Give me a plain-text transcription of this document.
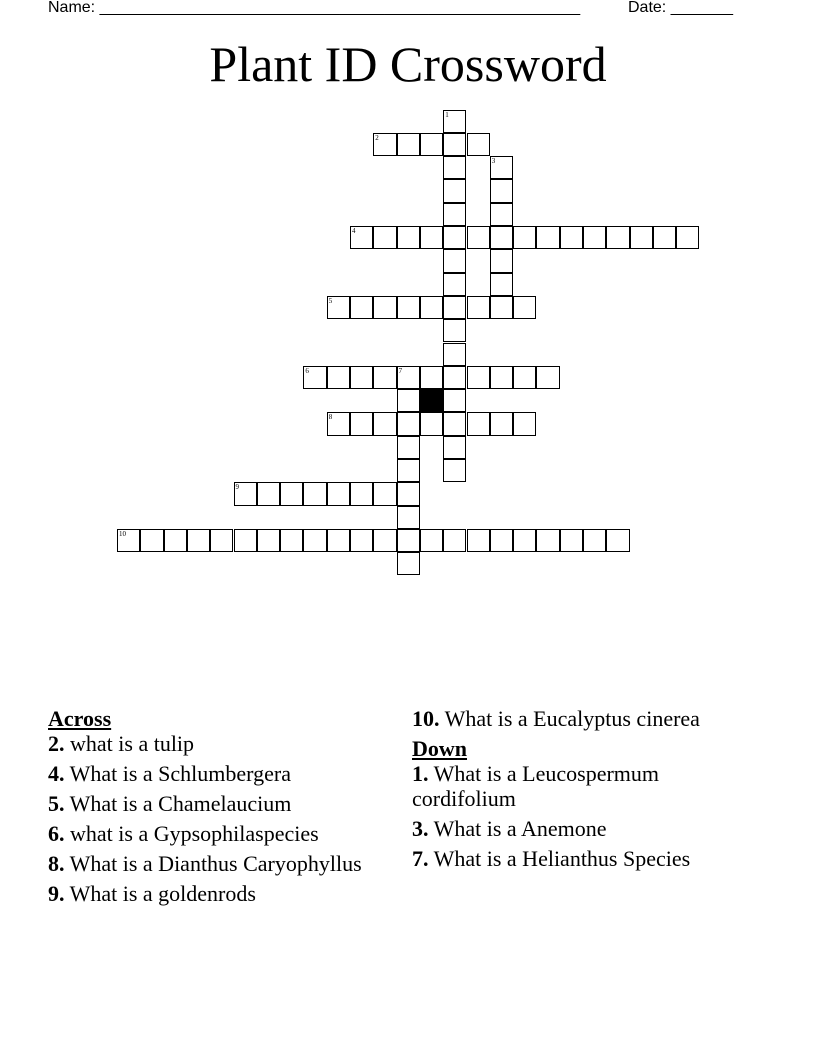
Name: ______________________________________________________	Date: _______
Plant ID Crossword
2
4
5
6	7
8
9
10
1
3
Across
2. what is a tulip
4. What is a Schlumbergera
5. What is a Chamelaucium
6. what is a Gypsophilaspecies
8. What is a Dianthus Caryophyllus
9. What is a goldenrods
10. What is a Eucalyptus cinerea
Down
1. What is a Leucospermum cordifolium
3. What is a Anemone
7. What is a Helianthus Species
